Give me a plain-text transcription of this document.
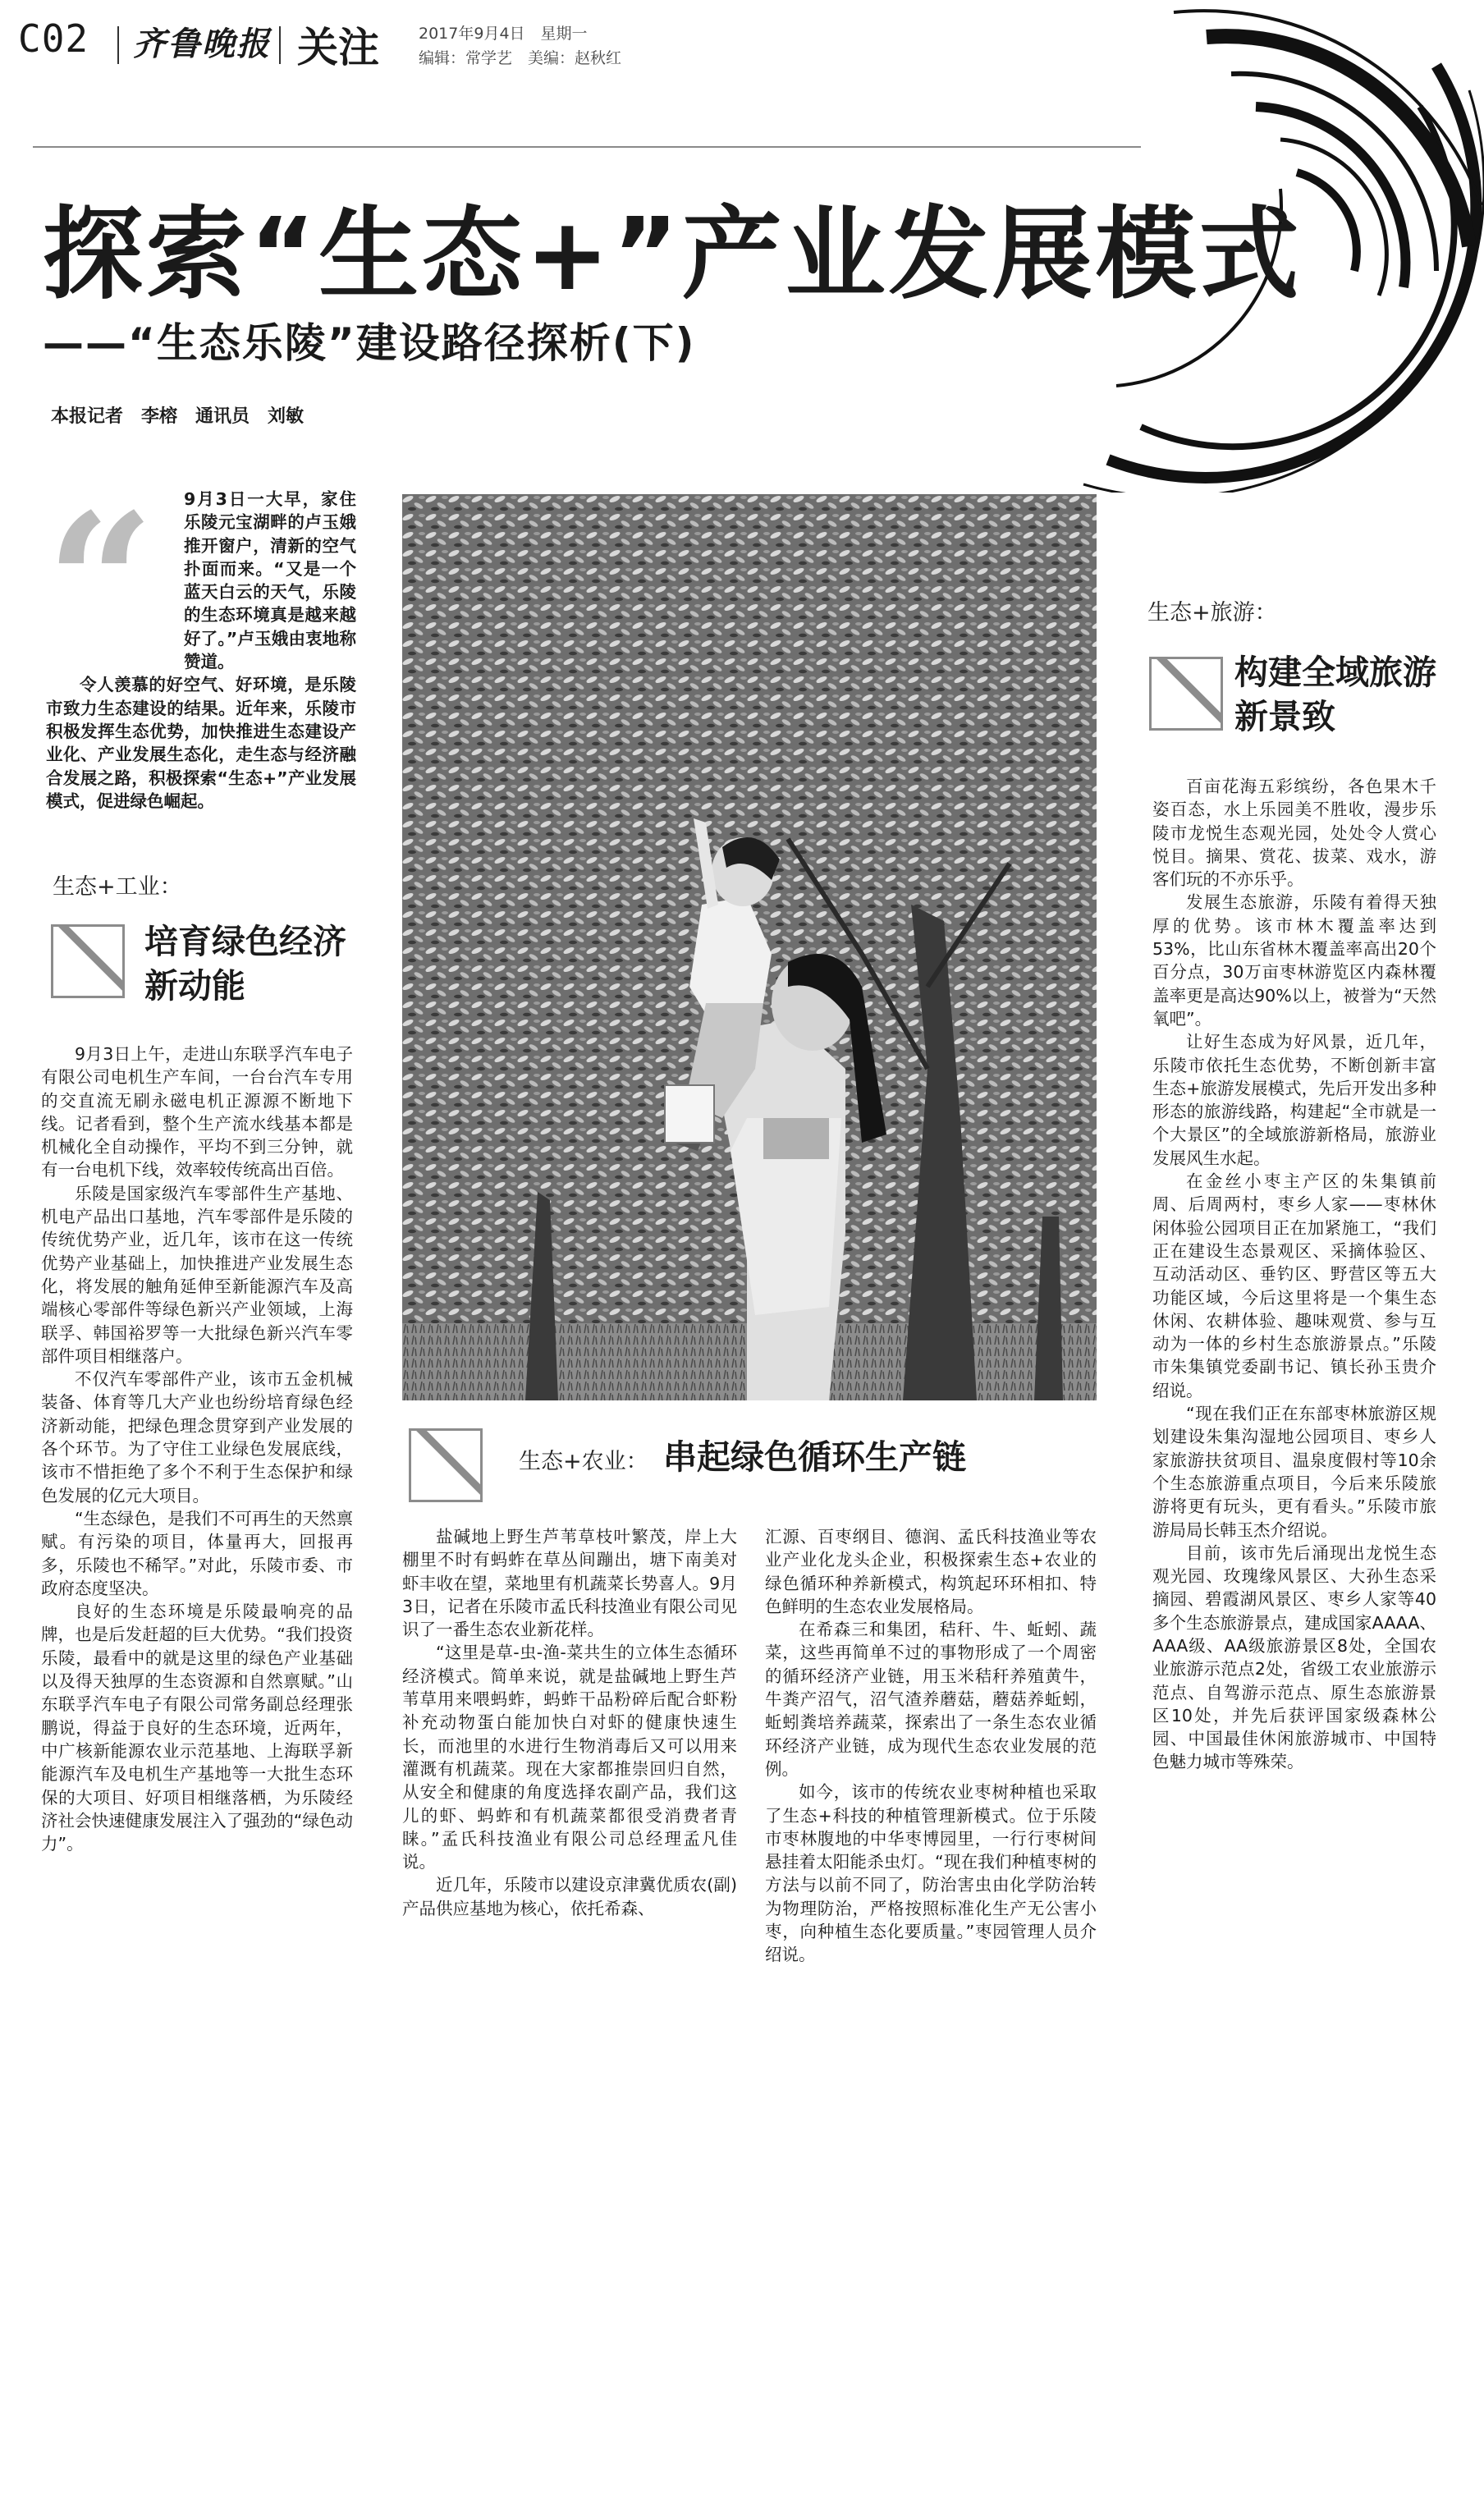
C02 齐鲁晚报 关注	2017年9月4日　星期一
编辑：常学艺　美编：赵秋红
探索“生态+”产业发展模式
——“生态乐陵”建设路径探析(下)
本报记者　李榕　通讯员　刘敏
“	9月3日一大早，家住乐陵元宝湖畔的卢玉娥推开窗户，清新的空气扑面而来。“又是一个蓝天白云的天气，乐陵的生态环境真是越来越好了。”卢玉娥由衷地称赞道。

令人羡慕的好空气、好环境，是乐陵市致力生态建设的结果。近年来，乐陵市积极发挥生态优势，加快推进生态建设产业化、产业发展生态化，走生态与经济融合发展之路，积极探索“生态+”产业发展模式，促进绿色崛起。

生态+工业：
培育绿色经济新动能

9月3日上午，走进山东联孚汽车电子有限公司电机生产车间，一台台汽车专用的交直流无刷永磁电机正源源不断地下线。记者看到，整个生产流水线基本都是机械化全自动操作，平均不到三分钟，就有一台电机下线，效率较传统高出百倍。

乐陵是国家级汽车零部件生产基地、机电产品出口基地，汽车零部件是乐陵的传统优势产业，近几年，该市在这一传统优势产业基础上，加快推进产业发展生态化，将发展的触角延伸至新能源汽车及高端核心零部件等绿色新兴产业领域，上海联孚、韩国裕罗等一大批绿色新兴汽车零部件项目相继落户。

不仅汽车零部件产业，该市五金机械装备、体育等几大产业也纷纷培育绿色经济新动能，把绿色理念贯穿到产业发展的各个环节。为了守住工业绿色发展底线，该市不惜拒绝了多个不利于生态保护和绿色发展的亿元大项目。

“生态绿色，是我们不可再生的天然禀赋。有污染的项目，体量再大，回报再多，乐陵也不稀罕。”对此，乐陵市委、市政府态度坚决。

良好的生态环境是乐陵最响亮的品牌，也是后发赶超的巨大优势。“我们投资乐陵，最看中的就是这里的绿色产业基础以及得天独厚的生态资源和自然禀赋。”山东联孚汽车电子有限公司常务副总经理张鹏说，得益于良好的生态环境，近两年，中广核新能源农业示范基地、上海联孚新能源汽车及电机生产基地等一大批生态环保的大项目、好项目相继落栖，为乐陵经济社会快速健康发展注入了强劲的“绿色动力”。

生态+农业： 串起绿色循环生产链

盐碱地上野生芦苇草枝叶繁茂，岸上大棚里不时有蚂蚱在草丛间蹦出，塘下南美对虾丰收在望，菜地里有机蔬菜长势喜人。9月3日，记者在乐陵市孟氏科技渔业有限公司见识了一番生态农业新花样。

“这里是草-虫-渔-菜共生的立体生态循环经济模式。简单来说，就是盐碱地上野生芦苇草用来喂蚂蚱，蚂蚱干品粉碎后配合虾粉补充动物蛋白能加快白对虾的健康快速生长，而池里的水进行生物消毒后又可以用来灌溉有机蔬菜。现在大家都推崇回归自然，从安全和健康的角度选择农副产品，我们这儿的虾、蚂蚱和有机蔬菜都很受消费者青睐。”孟氏科技渔业有限公司总经理孟凡佳说。

近几年，乐陵市以建设京津冀优质农(副)产品供应基地为核心，依托希森、

汇源、百枣纲目、德润、孟氏科技渔业等农业产业化龙头企业，积极探索生态+农业的绿色循环种养新模式，构筑起环环相扣、特色鲜明的生态农业发展格局。

在希森三和集团，秸秆、牛、蚯蚓、蔬菜，这些再简单不过的事物形成了一个周密的循环经济产业链，用玉米秸秆养殖黄牛，牛粪产沼气，沼气渣养蘑菇，蘑菇养蚯蚓，蚯蚓粪培养蔬菜，探索出了一条生态农业循环经济产业链，成为现代生态农业发展的范例。

如今，该市的传统农业枣树种植也采取了生态+科技的种植管理新模式。位于乐陵市枣林腹地的中华枣博园里，一行行枣树间悬挂着太阳能杀虫灯。“现在我们种植枣树的方法与以前不同了，防治害虫由化学防治转为物理防治，严格按照标准化生产无公害小枣，向种植生态化要质量。”枣园管理人员介绍说。

生态+旅游：
构建全域旅游新景致

百亩花海五彩缤纷，各色果木千姿百态，水上乐园美不胜收，漫步乐陵市龙悦生态观光园，处处令人赏心悦目。摘果、赏花、拔菜、戏水，游客们玩的不亦乐乎。

发展生态旅游，乐陵有着得天独厚的优势。该市林木覆盖率达到53%，比山东省林木覆盖率高出20个百分点，30万亩枣林游览区内森林覆盖率更是高达90%以上，被誉为“天然氧吧”。

让好生态成为好风景，近几年，乐陵市依托生态优势，不断创新丰富生态+旅游发展模式，先后开发出多种形态的旅游线路，构建起“全市就是一个大景区”的全域旅游新格局，旅游业发展风生水起。

在金丝小枣主产区的朱集镇前周、后周两村，枣乡人家——枣林休闲体验公园项目正在加紧施工，“我们正在建设生态景观区、采摘体验区、互动活动区、垂钓区、野营区等五大功能区域，今后这里将是一个集生态休闲、农耕体验、趣味观赏、参与互动为一体的乡村生态旅游景点。”乐陵市朱集镇党委副书记、镇长孙玉贵介绍说。

“现在我们正在东部枣林旅游区规划建设朱集沟湿地公园项目、枣乡人家旅游扶贫项目、温泉度假村等10余个生态旅游重点项目，今后来乐陵旅游将更有玩头，更有看头。”乐陵市旅游局局长韩玉杰介绍说。

目前，该市先后涌现出龙悦生态观光园、玫瑰缘风景区、大孙生态采摘园、碧霞湖风景区、枣乡人家等40多个生态旅游景点，建成国家AAAA、AAA级、AA级旅游景区8处，全国农业旅游示范点2处，省级工农业旅游示范点、自驾游示范点、原生态旅游景区10处，并先后获评国家级森林公园、中国最佳休闲旅游城市、中国特色魅力城市等殊荣。
